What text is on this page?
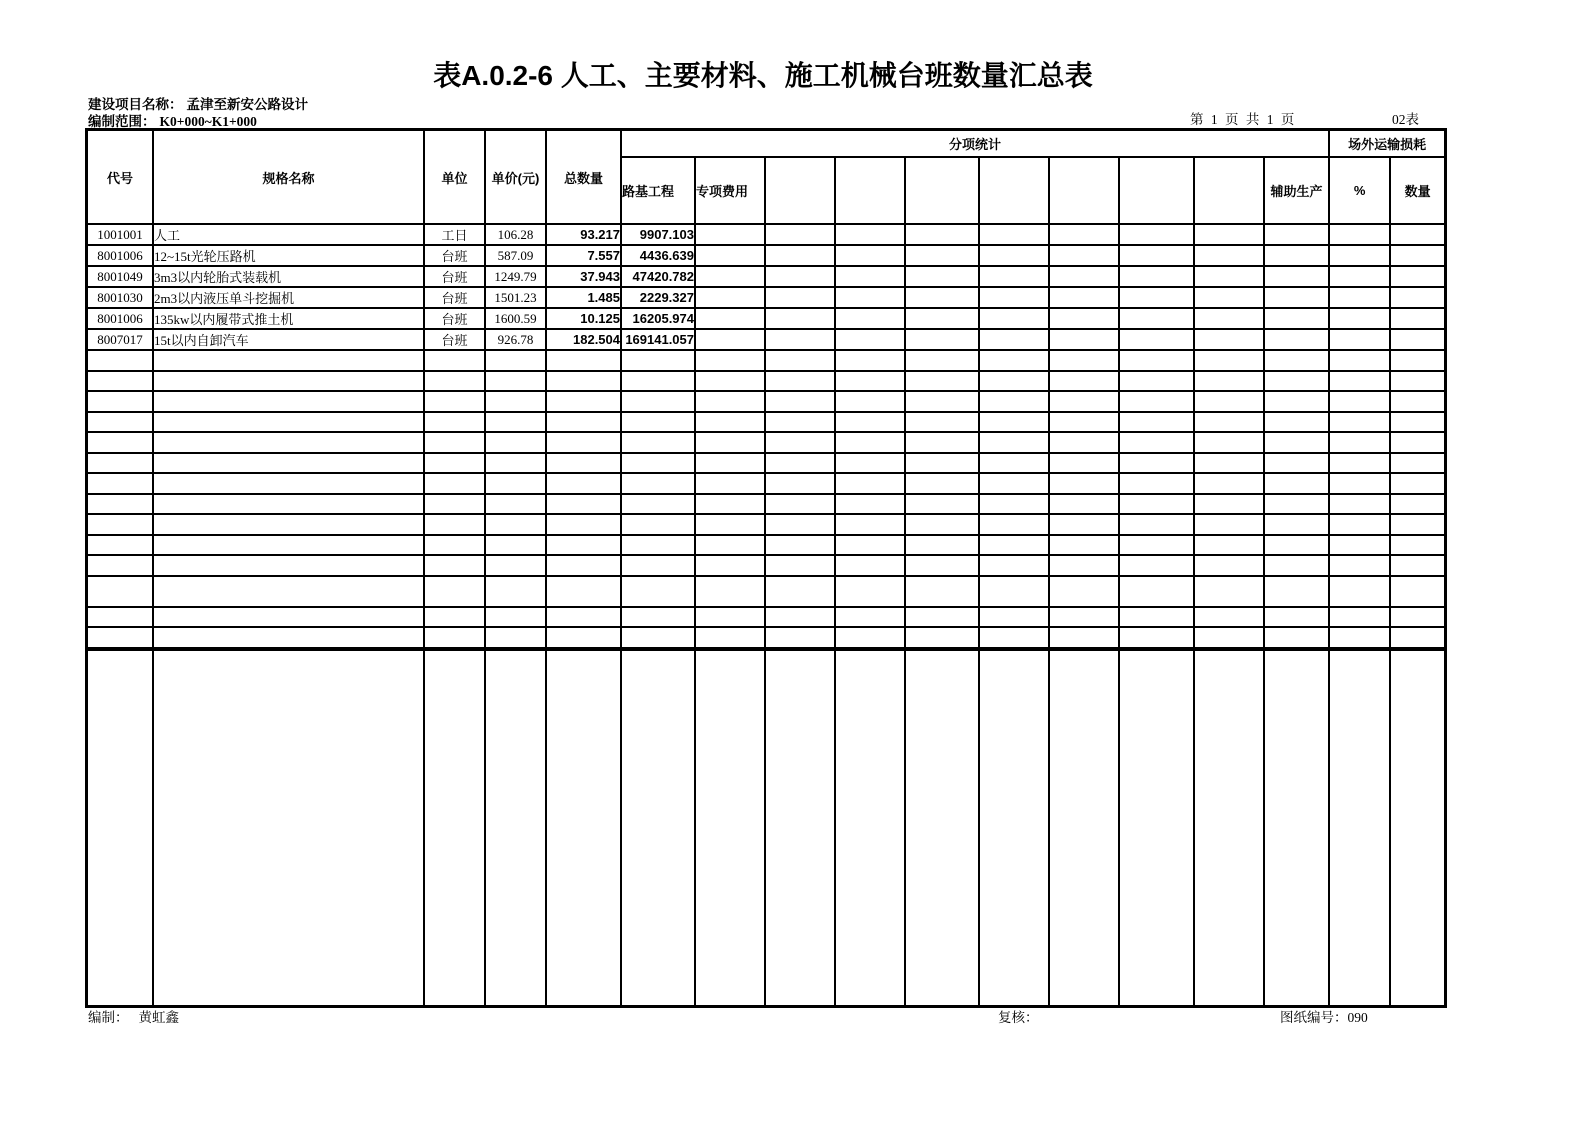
表A.0.2-6 人工、主要材料、施工机械台班数量汇总表
建设项目名称： 孟津至新安公路设计
编制范围： K0+000~K1+000	第 1 页 共 1 页	02表
代号	规格名称	单位	单价(元)	总数量	分项统计										场外运输损耗	
					路基工程	专项费用								辅助生产	%	数量
1001001	人工	工日	106.28	93.217	9907.103											
8001006	12~15t光轮压路机	台班	587.09	7.557	4436.639											
8001049	3m3以内轮胎式装载机	台班	1249.79	37.943	47420.782											
8001030	2m3以内液压单斗挖掘机	台班	1501.23	1.485	2229.327											
8001006	135kw以内履带式推土机	台班	1600.59	10.125	16205.974											
8007017	15t以内自卸汽车	台班	926.78	182.504	169141.057											

编制： 黄虹鑫	复核：	图纸编号：090
